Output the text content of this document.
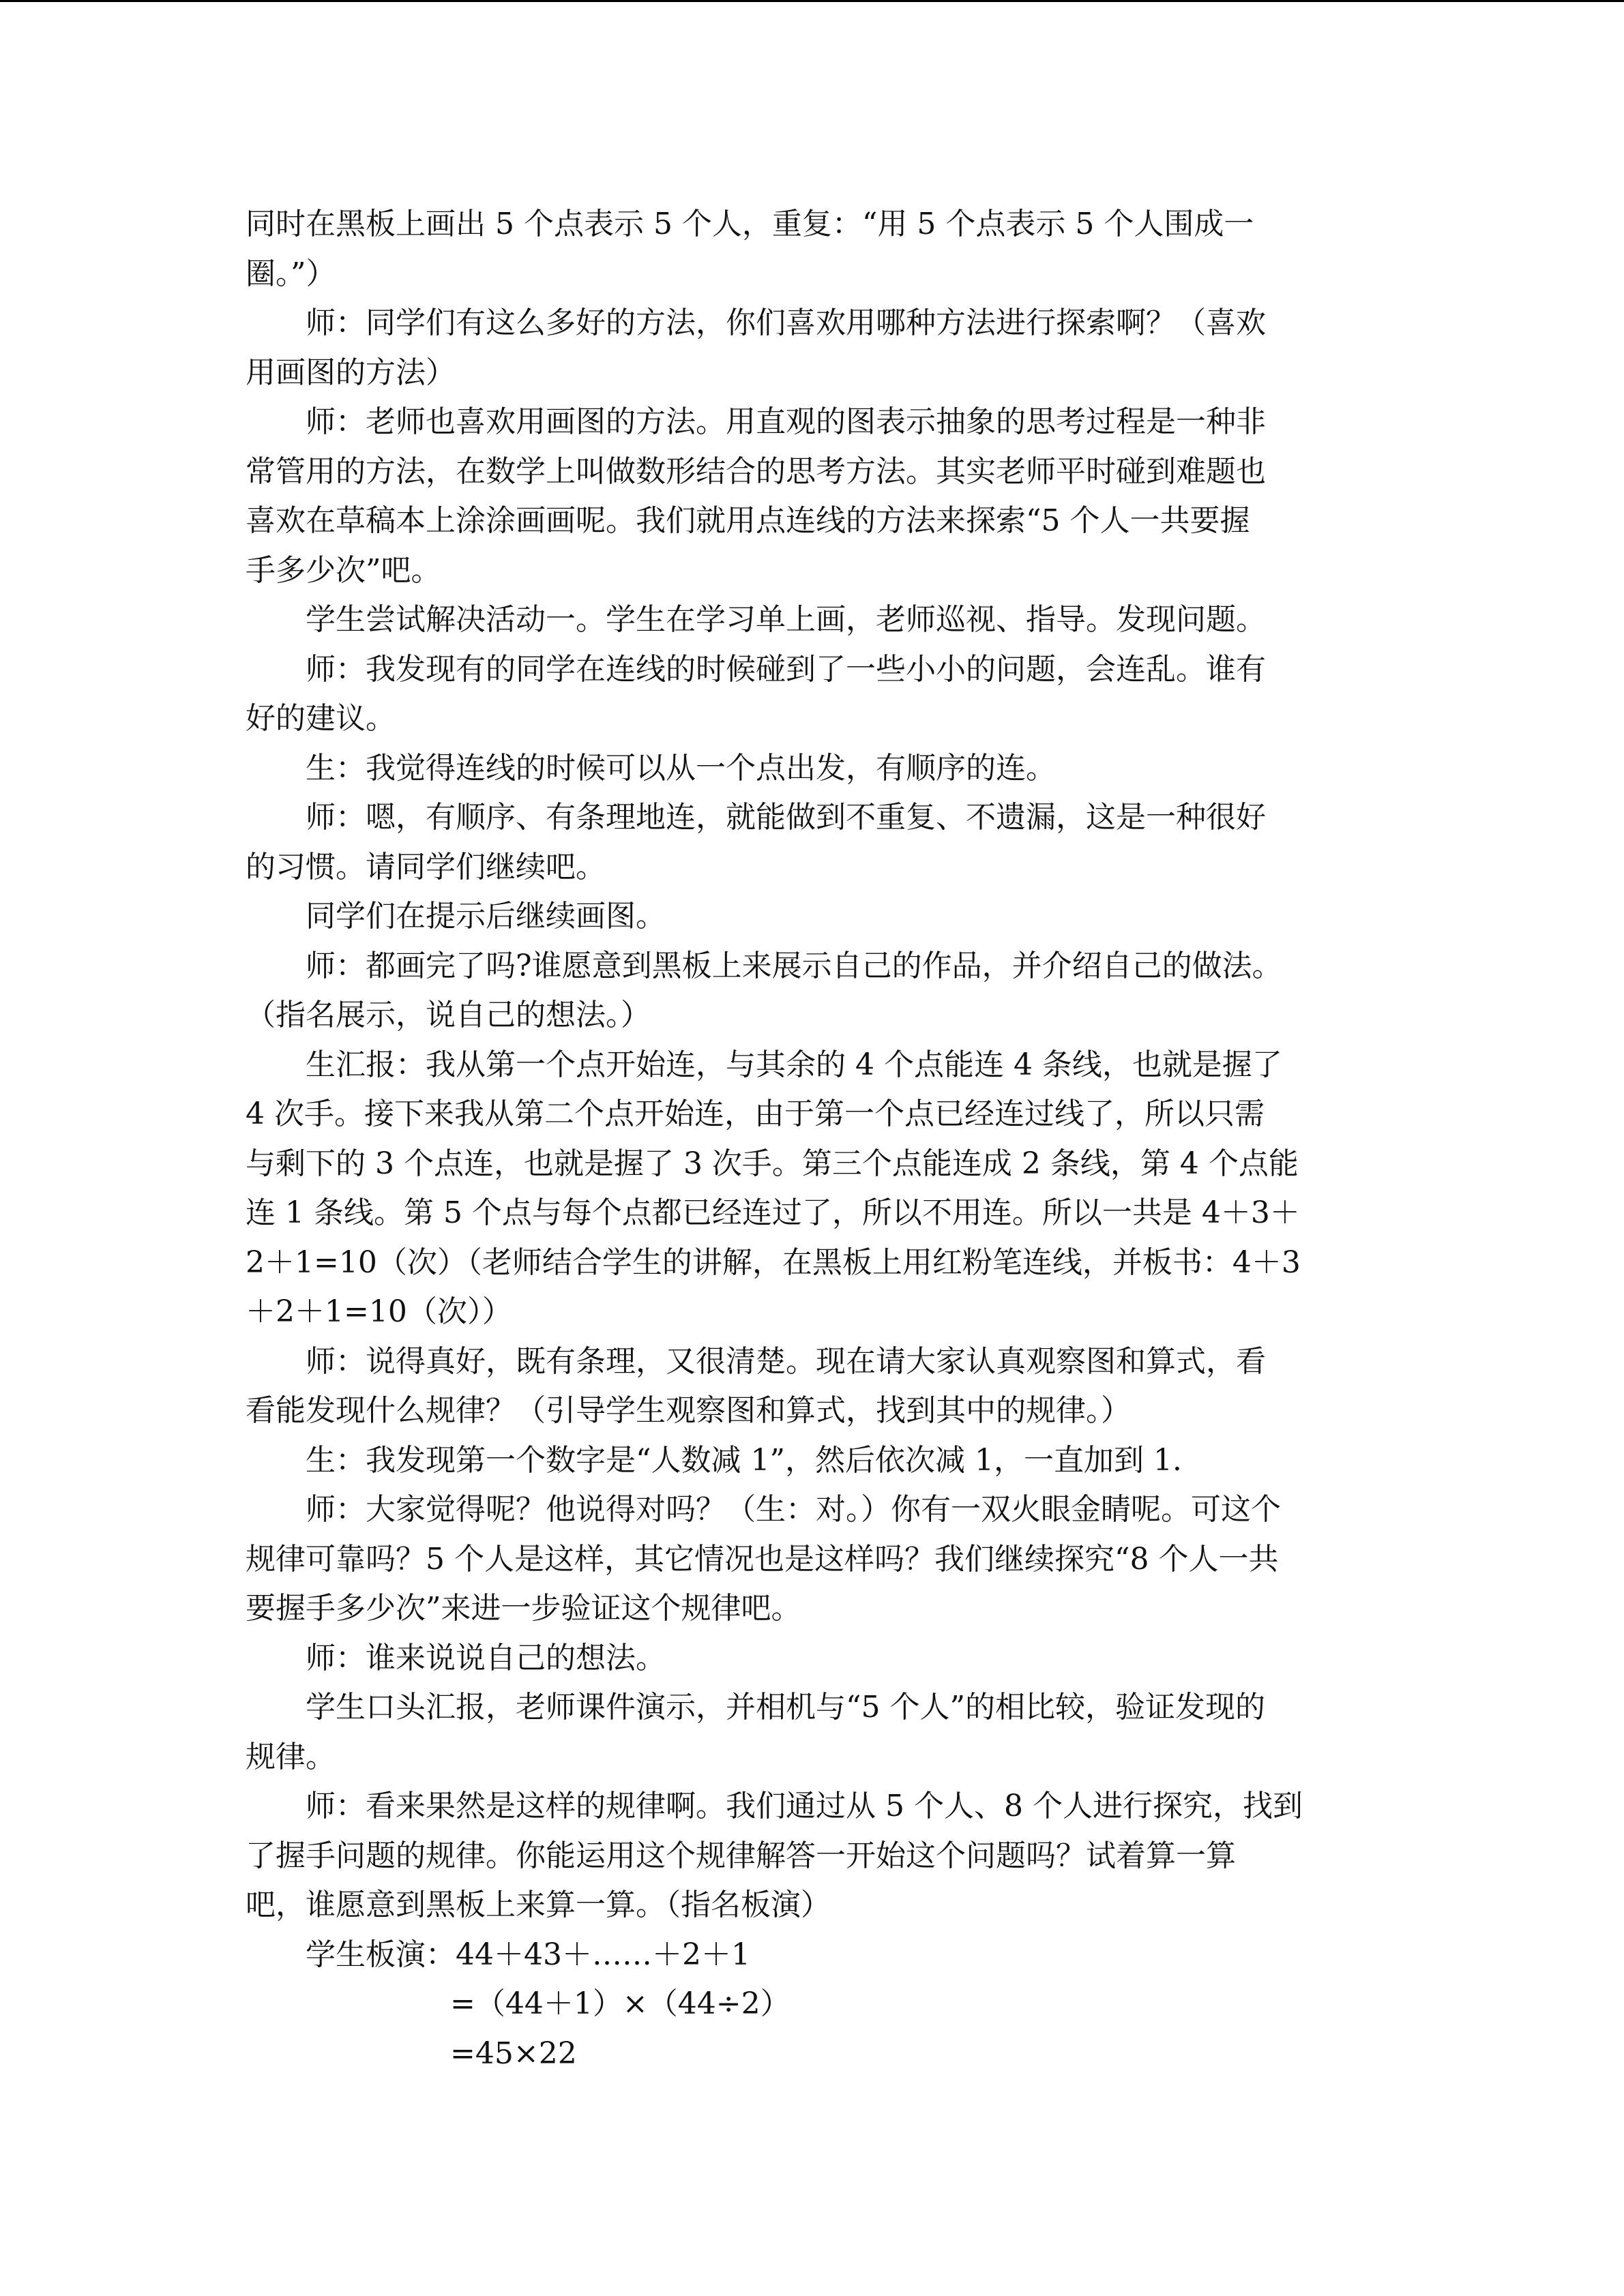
同时在黑板上画出 5 个点表示 5 个人，重复：“用 5 个点表示 5 个人围成一
圈。”）
师：同学们有这么多好的方法，你们喜欢用哪种方法进行探索啊？（喜欢
用画图的方法）
师：老师也喜欢用画图的方法。用直观的图表示抽象的思考过程是一种非
常管用的方法，在数学上叫做数形结合的思考方法。其实老师平时碰到难题也
喜欢在草稿本上涂涂画画呢。我们就用点连线的方法来探索“5 个人一共要握
手多少次”吧。
学生尝试解决活动一。学生在学习单上画，老师巡视、指导。发现问题。
师：我发现有的同学在连线的时候碰到了一些小小的问题，会连乱。谁有
好的建议。
生：我觉得连线的时候可以从一个点出发，有顺序的连。
师：嗯，有顺序、有条理地连，就能做到不重复、不遗漏，这是一种很好
的习惯。请同学们继续吧。
同学们在提示后继续画图。
师：都画完了吗?谁愿意到黑板上来展示自己的作品，并介绍自己的做法。
（指名展示，说自己的想法。）
生汇报：我从第一个点开始连，与其余的 4 个点能连 4 条线，也就是握了
4 次手。接下来我从第二个点开始连，由于第一个点已经连过线了，所以只需
与剩下的 3 个点连，也就是握了 3 次手。第三个点能连成 2 条线，第 4 个点能
连 1 条线。第 5 个点与每个点都已经连过了，所以不用连。所以一共是 4＋3＋
2＋1=10（次）（老师结合学生的讲解，在黑板上用红粉笔连线，并板书：4＋3
＋2＋1=10（次））
师：说得真好，既有条理，又很清楚。现在请大家认真观察图和算式，看
看能发现什么规律？（引导学生观察图和算式，找到其中的规律。）
生：我发现第一个数字是“人数减 1”，然后依次减 1，一直加到 1.
师：大家觉得呢？他说得对吗？（生：对。）你有一双火眼金睛呢。可这个
规律可靠吗？5 个人是这样，其它情况也是这样吗？我们继续探究“8 个人一共
要握手多少次”来进一步验证这个规律吧。
师：谁来说说自己的想法。
学生口头汇报，老师课件演示，并相机与“5 个人”的相比较，验证发现的
规律。
师：看来果然是这样的规律啊。我们通过从 5 个人、8 个人进行探究，找到
了握手问题的规律。你能运用这个规律解答一开始这个问题吗？试着算一算
吧，谁愿意到黑板上来算一算。（指名板演）
学生板演：44＋43＋……＋2＋1
=（44＋1）×（44÷2）
=45×22
